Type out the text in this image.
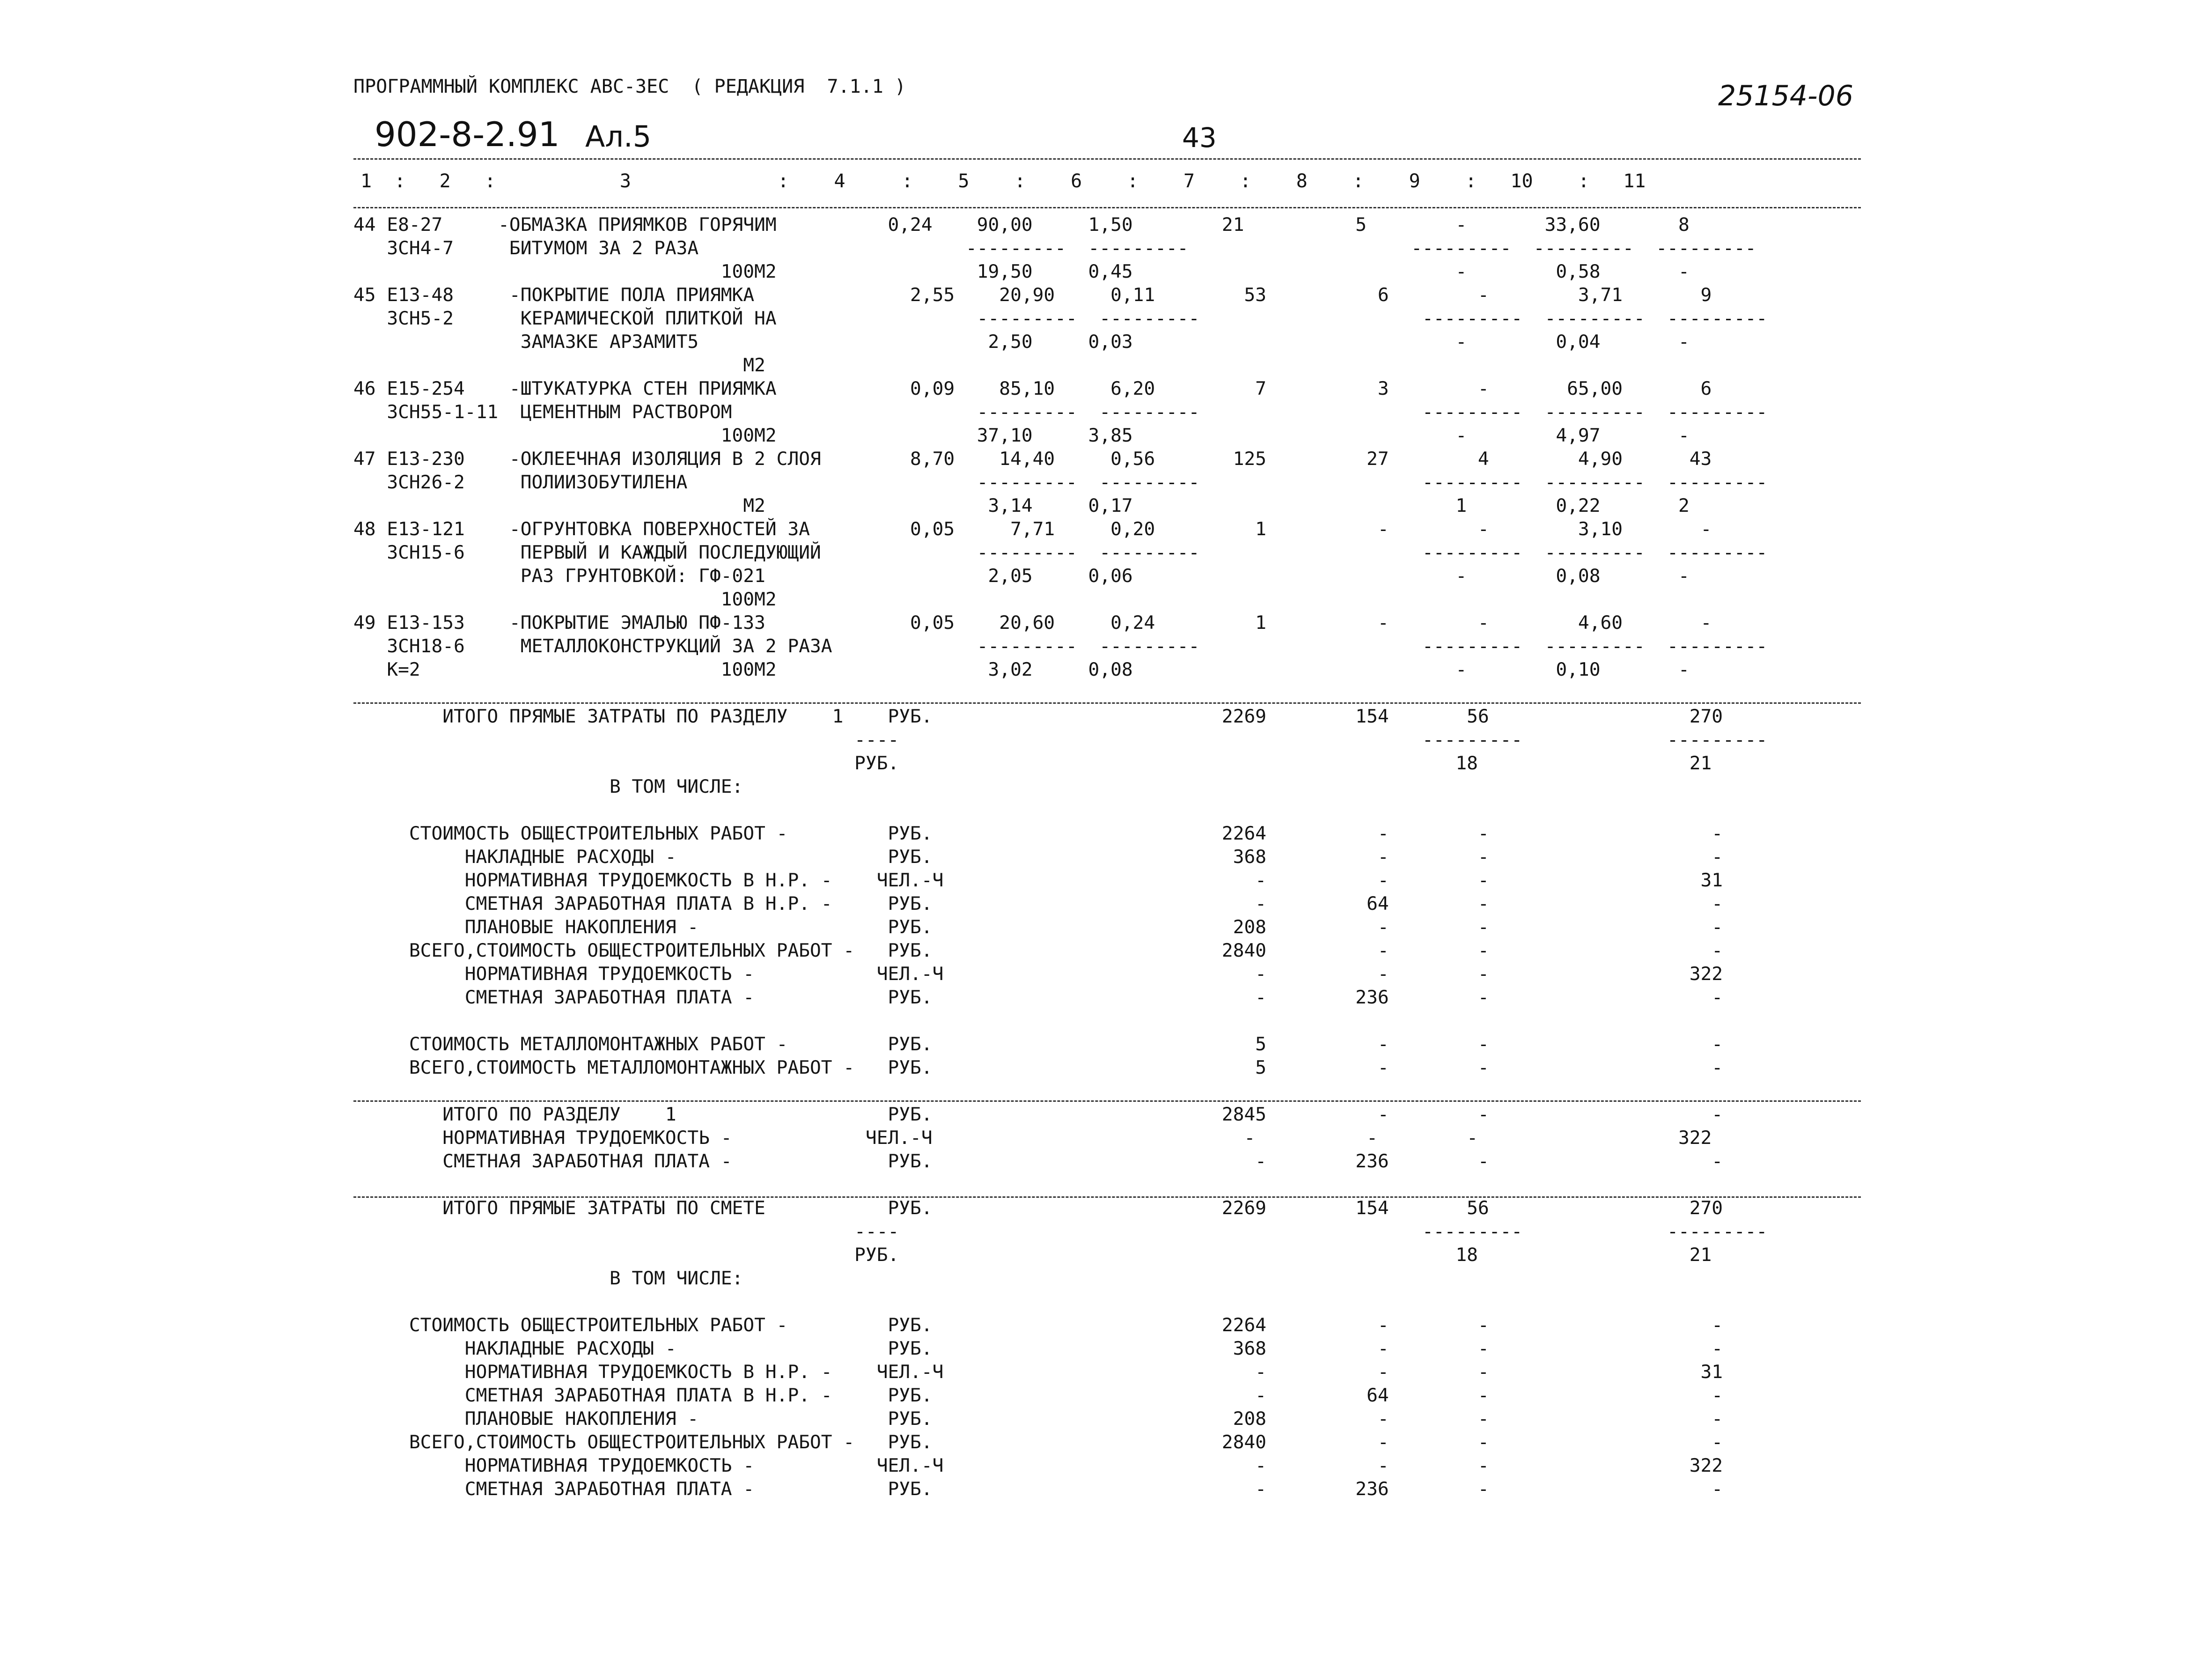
ПРОГРАММНЫЙ КОМПЛЕКС АВС-3ЕС  ( РЕДАКЦИЯ  7.1.1 )	25154-06
902-8-2.91 Ал.5	43
1  :   2   :           3             :    4     :    5    :    6    :    7    :    8    :    9    :   10    :   11
44 Е8-27     -ОБМАЗКА ПРИЯМКОВ ГОРЯЧИМ          0,24    90,00     1,50        21          5        -       33,60       8
3СН4-7     БИТУМОМ ЗА 2 РАЗА                        ---------  ---------                    ---------  ---------  ---------
100М2                  19,50     0,45                             -        0,58       -
45 Е13-48     -ПОКРЫТИЕ ПОЛА ПРИЯМКА              2,55    20,90     0,11        53          6        -        3,71       9
3СН5-2      КЕРАМИЧЕСКОЙ ПЛИТКОЙ НА                  ---------  ---------                    ---------  ---------  ---------
ЗАМАЗКЕ АРЗАМИТ5                          2,50     0,03                             -        0,04       -
М2
46 Е15-254    -ШТУКАТУРКА СТЕН ПРИЯМКА            0,09    85,10     6,20         7          3        -       65,00       6
3СН55-1-11  ЦЕМЕНТНЫМ РАСТВОРОМ                      ---------  ---------                    ---------  ---------  ---------
100М2                  37,10     3,85                             -        4,97       -
47 Е13-230    -ОКЛЕЕЧНАЯ ИЗОЛЯЦИЯ В 2 СЛОЯ        8,70    14,40     0,56       125         27        4        4,90      43
3СН26-2     ПОЛИИЗОБУТИЛЕНА                          ---------  ---------                    ---------  ---------  ---------
М2                    3,14     0,17                             1        0,22       2
48 Е13-121    -ОГРУНТОВКА ПОВЕРХНОСТЕЙ ЗА         0,05     7,71     0,20         1          -        -        3,10       -
3СН15-6     ПЕРВЫЙ И КАЖДЫЙ ПОСЛЕДУЮЩИЙ              ---------  ---------                    ---------  ---------  ---------
РАЗ ГРУНТОВКОЙ: ГФ-021                    2,05     0,06                             -        0,08       -
100М2
49 Е13-153    -ПОКРЫТИЕ ЭМАЛЬЮ ПФ-133             0,05    20,60     0,24         1          -        -        4,60       -
3СН18-6     МЕТАЛЛОКОНСТРУКЦИЙ ЗА 2 РАЗА             ---------  ---------                    ---------  ---------  ---------
К=2                           100М2                   3,02     0,08                             -        0,10       -
ИТОГО ПРЯМЫЕ ЗАТРАТЫ ПО РАЗДЕЛУ    1    РУБ.                          2269        154       56                  270
----                                               ---------             ---------
РУБ.                                                  18                   21
В ТОМ ЧИСЛЕ:
СТОИМОСТЬ ОБЩЕСТРОИТЕЛЬНЫХ РАБОТ -         РУБ.                          2264          -        -                    -
НАКЛАДНЫЕ РАСХОДЫ -                   РУБ.                           368          -        -                    -
НОРМАТИВНАЯ ТРУДОЕМКОСТЬ В Н.Р. -    ЧЕЛ.-Ч                            -          -        -                   31
СМЕТНАЯ ЗАРАБОТНАЯ ПЛАТА В Н.Р. -     РУБ.                             -         64        -                    -
ПЛАНОВЫЕ НАКОПЛЕНИЯ -                 РУБ.                           208          -        -                    -
ВСЕГО,СТОИМОСТЬ ОБЩЕСТРОИТЕЛЬНЫХ РАБОТ -   РУБ.                          2840          -        -                    -
НОРМАТИВНАЯ ТРУДОЕМКОСТЬ -           ЧЕЛ.-Ч                            -          -        -                  322
СМЕТНАЯ ЗАРАБОТНАЯ ПЛАТА -            РУБ.                             -        236        -                    -
СТОИМОСТЬ МЕТАЛЛОМОНТАЖНЫХ РАБОТ -         РУБ.                             5          -        -                    -
ВСЕГО,СТОИМОСТЬ МЕТАЛЛОМОНТАЖНЫХ РАБОТ -   РУБ.                             5          -        -                    -
ИТОГО ПО РАЗДЕЛУ    1                   РУБ.                          2845          -        -                    -
НОРМАТИВНАЯ ТРУДОЕМКОСТЬ -            ЧЕЛ.-Ч                            -          -        -                  322
СМЕТНАЯ ЗАРАБОТНАЯ ПЛАТА -              РУБ.                             -        236        -                    -
ИТОГО ПРЯМЫЕ ЗАТРАТЫ ПО СМЕТЕ           РУБ.                          2269        154       56                  270
----                                               ---------             ---------
РУБ.                                                  18                   21
В ТОМ ЧИСЛЕ:
СТОИМОСТЬ ОБЩЕСТРОИТЕЛЬНЫХ РАБОТ -         РУБ.                          2264          -        -                    -
НАКЛАДНЫЕ РАСХОДЫ -                   РУБ.                           368          -        -                    -
НОРМАТИВНАЯ ТРУДОЕМКОСТЬ В Н.Р. -    ЧЕЛ.-Ч                            -          -        -                   31
СМЕТНАЯ ЗАРАБОТНАЯ ПЛАТА В Н.Р. -     РУБ.                             -         64        -                    -
ПЛАНОВЫЕ НАКОПЛЕНИЯ -                 РУБ.                           208          -        -                    -
ВСЕГО,СТОИМОСТЬ ОБЩЕСТРОИТЕЛЬНЫХ РАБОТ -   РУБ.                          2840          -        -                    -
НОРМАТИВНАЯ ТРУДОЕМКОСТЬ -           ЧЕЛ.-Ч                            -          -        -                  322
СМЕТНАЯ ЗАРАБОТНАЯ ПЛАТА -            РУБ.                             -        236        -                    -
